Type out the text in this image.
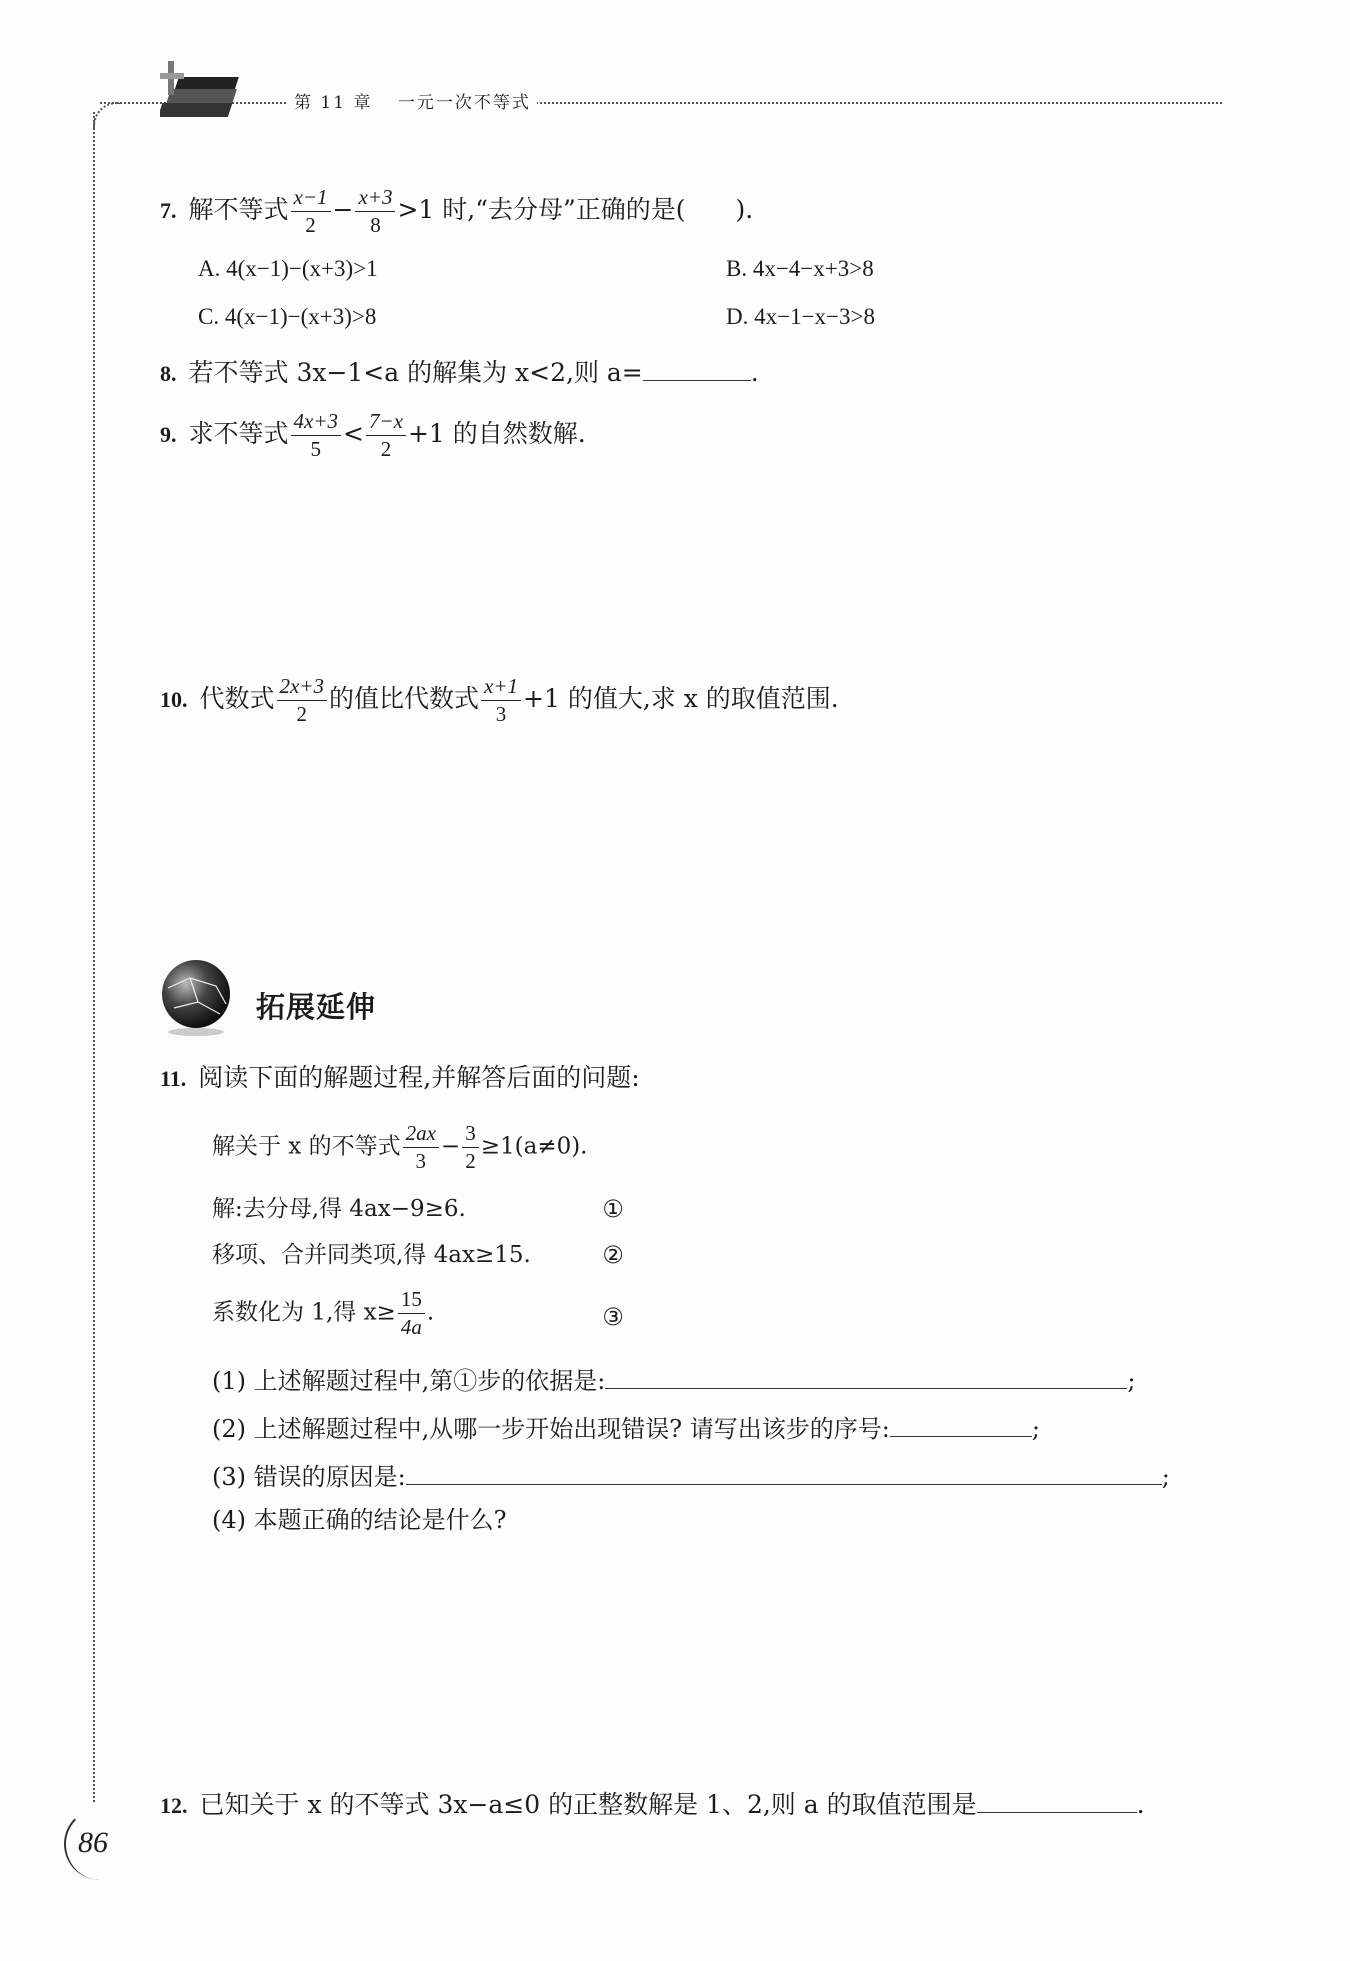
第 11 章 一元一次不等式
7. 解不等式 $\frac{x-1}{2} - \frac{x+3}{8} >1$ 时,“去分母”正确的是(　　).
A. 4(x−1)−(x+3)>1	B. 4x−4−x+3>8
C. 4(x−1)−(x+3)>8	D. 4x−1−x−3>8
8. 若不等式 3x−1<a 的解集为 x<2,则 a=	.
9. 求不等式 $\frac{4x+3}{5} < \frac{7-x}{2} +1$ 的自然数解.
10. 代数式 $\frac{2x+3}{2}$ 的值比代数式 $\frac{x+1}{3} +1$ 的值大,求 x 的取值范围.
拓展延伸
11. 阅读下面的解题过程,并解答后面的问题:
解关于 x 的不等式 $\frac{2ax}{3} - \frac{3}{2} \ge 1(a\ne 0)$.
解:去分母,得 4ax−9≥6.	①
移项、合并同类项,得 4ax≥15.	②
系数化为 1,得 $x\ge \frac{15}{4a}$ .	③
(1) 上述解题过程中,第①步的依据是:	;
(2) 上述解题过程中,从哪一步开始出现错误? 请写出该步的序号:	;
(3) 错误的原因是:	;
(4) 本题正确的结论是什么?
12. 已知关于 x 的不等式 3x−a≤0 的正整数解是 1、2,则 a 的取值范围是	.
86
